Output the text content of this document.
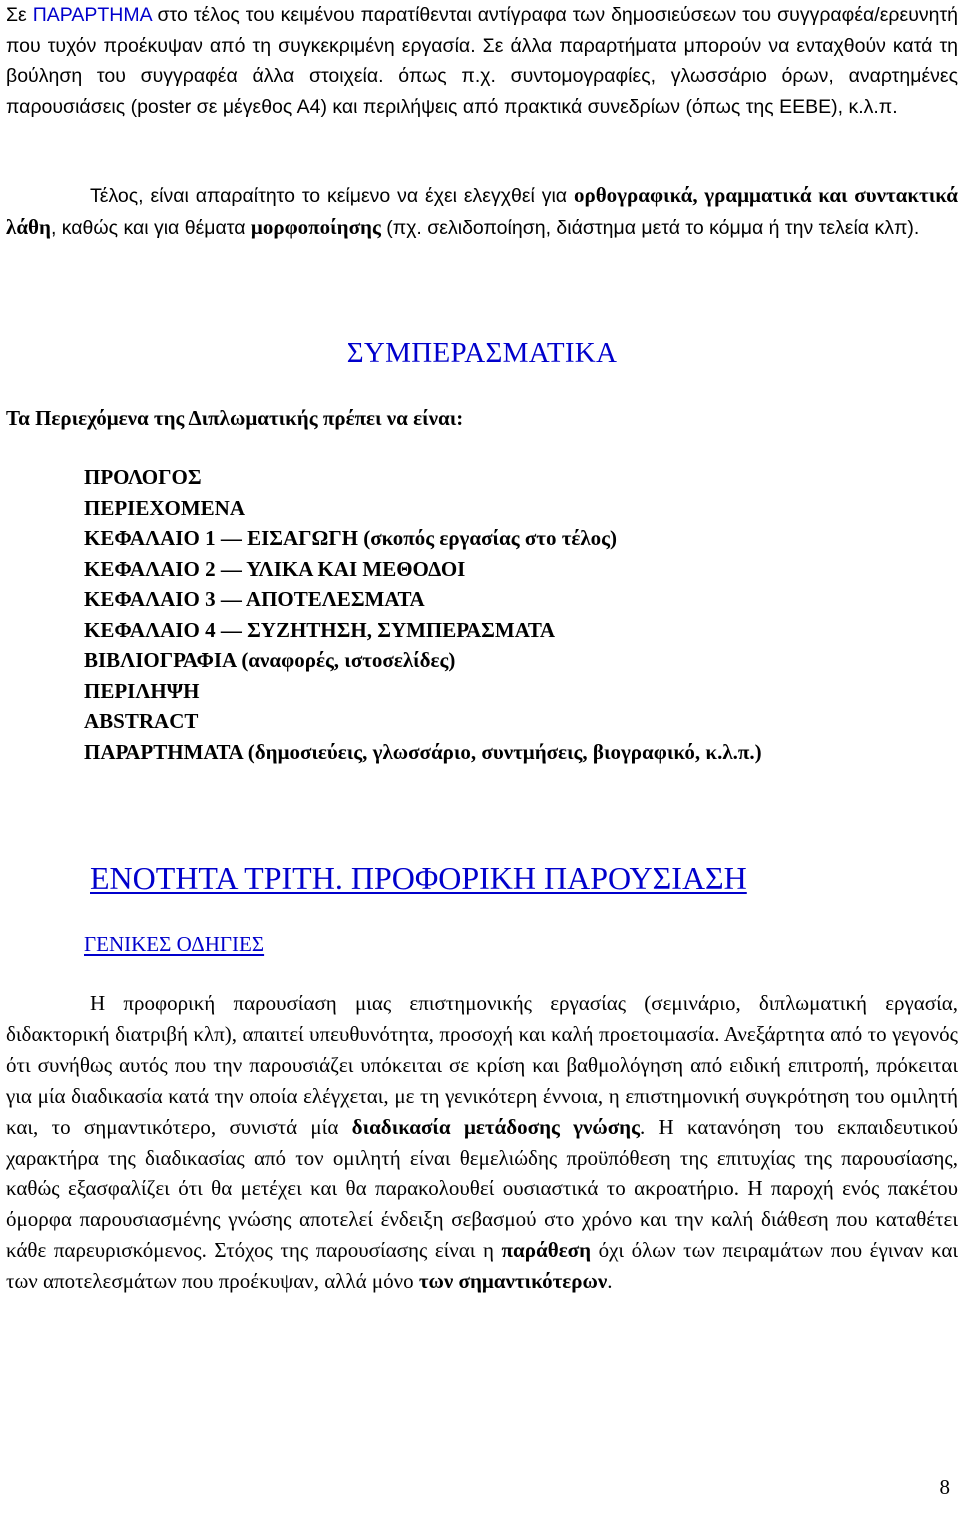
Σε ΠΑΡΑΡΤΗΜΑ στο τέλος του κειμένου παρατίθενται αντίγραφα των δημοσιεύσεων του συγγραφέα/ερευνητή που τυχόν προέκυψαν από τη συγκεκριμένη εργασία. Σε άλλα παραρτήματα μπορούν να ενταχθούν κατά τη βούληση του συγγραφέα άλλα στοιχεία. όπως π.χ. συντομογραφίες, γλωσσάριο όρων, αναρτημένες παρουσιάσεις (poster σε μέγεθος Α4) και περιλήψεις από πρακτικά συνεδρίων (όπως της ΕΕΒΕ), κ.λ.π.

Τέλος, είναι απαραίτητο το κείμενο να έχει ελεγχθεί για ορθογραφικά, γραμματικά και συντακτικά λάθη, καθώς και για θέματα μορφοποίησης (πχ. σελιδοποίηση, διάστημα μετά το κόμμα ή την τελεία κλπ).

ΣΥΜΠΕΡΑΣΜΑΤΙΚΑ
Τα Περιεχόμενα της Διπλωματικής πρέπει να είναι:
ΠΡΟΛΟΓΟΣ
ΠΕΡΙΕΧΟΜΕΝΑ
ΚΕΦΑΛΑΙΟ 1 — ΕΙΣΑΓΩΓΗ (σκοπός εργασίας στο τέλος)
ΚΕΦΑΛΑΙΟ 2 — ΥΛΙΚΑ ΚΑΙ ΜΕΘΟΔΟΙ
ΚΕΦΑΛΑΙΟ 3 — ΑΠΟΤΕΛΕΣΜΑΤΑ
ΚΕΦΑΛΑΙΟ 4 — ΣΥΖΗΤΗΣΗ, ΣΥΜΠΕΡΑΣΜΑΤΑ
ΒΙΒΛΙΟΓΡΑΦΙΑ (αναφορές, ιστοσελίδες)
ΠΕΡΙΛΗΨΗ
ABSTRACT
ΠΑΡΑΡΤΗΜΑΤΑ (δημοσιεύεις, γλωσσάριο, συντμήσεις, βιογραφικό, κ.λ.π.)
ΕΝΟΤΗΤΑ ΤΡΙΤΗ. ΠΡΟΦΟΡΙΚΗ ΠΑΡΟΥΣΙΑΣΗ
ΓΕΝΙΚΕΣ ΟΔΗΓΙΕΣ

Η προφορική παρουσίαση μιας επιστημονικής εργασίας (σεμινάριο, διπλωματική εργασία, διδακτορική διατριβή κλπ), απαιτεί υπευθυνότητα, προσοχή και καλή προετοιμασία. Ανεξάρτητα από το γεγονός ότι συνήθως αυτός που την παρουσιάζει υπόκειται σε κρίση και βαθμολόγηση από ειδική επιτροπή, πρόκειται για μία διαδικασία κατά την οποία ελέγχεται, με τη γενικότερη έννοια, η επιστημονική συγκρότηση του ομιλητή και, το σημαντικότερο, συνιστά μία διαδικασία μετάδοσης γνώσης. Η κατανόηση του εκπαιδευτικού χαρακτήρα της διαδικασίας από τον ομιλητή είναι θεμελιώδης προϋπόθεση της επιτυχίας της παρουσίασης, καθώς εξασφαλίζει ότι θα μετέχει και θα παρακολουθεί ουσιαστικά το ακροατήριο. Η παροχή ενός πακέτου όμορφα παρουσιασμένης γνώσης αποτελεί ένδειξη σεβασμού στο χρόνο και την καλή διάθεση που καταθέτει κάθε παρευρισκόμενος. Στόχος της παρουσίασης είναι η παράθεση όχι όλων των πειραμάτων που έγιναν και των αποτελεσμάτων που προέκυψαν, αλλά μόνο των σημαντικότερων.

8
